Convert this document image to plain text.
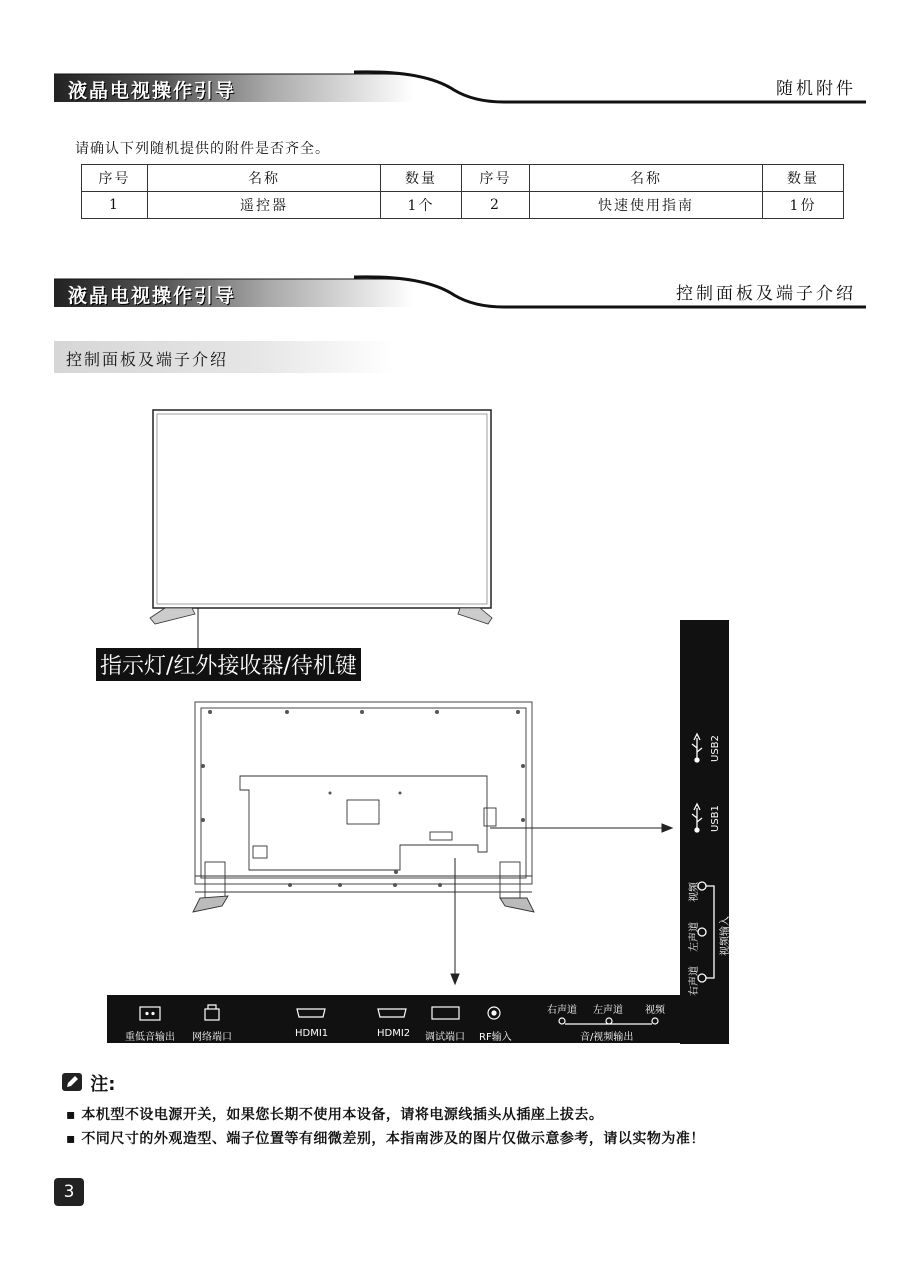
液晶电视操作引导	随机附件
请确认下列随机提供的附件是否齐全。
序号	名称	数量	序号	名称	数量
1	遥控器	1个	2	快速使用指南	1份
液晶电视操作引导	控制面板及端子介绍
控制面板及端子介绍
指示灯/红外接收器/待机键
重低音输出 网络端口	HDMI1	HDMI2 调试端口 RF输入
右声道 左声道 视频
音/视频输出
USB2
USB1
视频
左声道
右声道
视频输入
注:
▪ 本机型不设电源开关，如果您长期不使用本设备，请将电源线插头从插座上拔去。
▪ 不同尺寸的外观造型、端子位置等有细微差别，本指南涉及的图片仅做示意参考，请以实物为准！
3
